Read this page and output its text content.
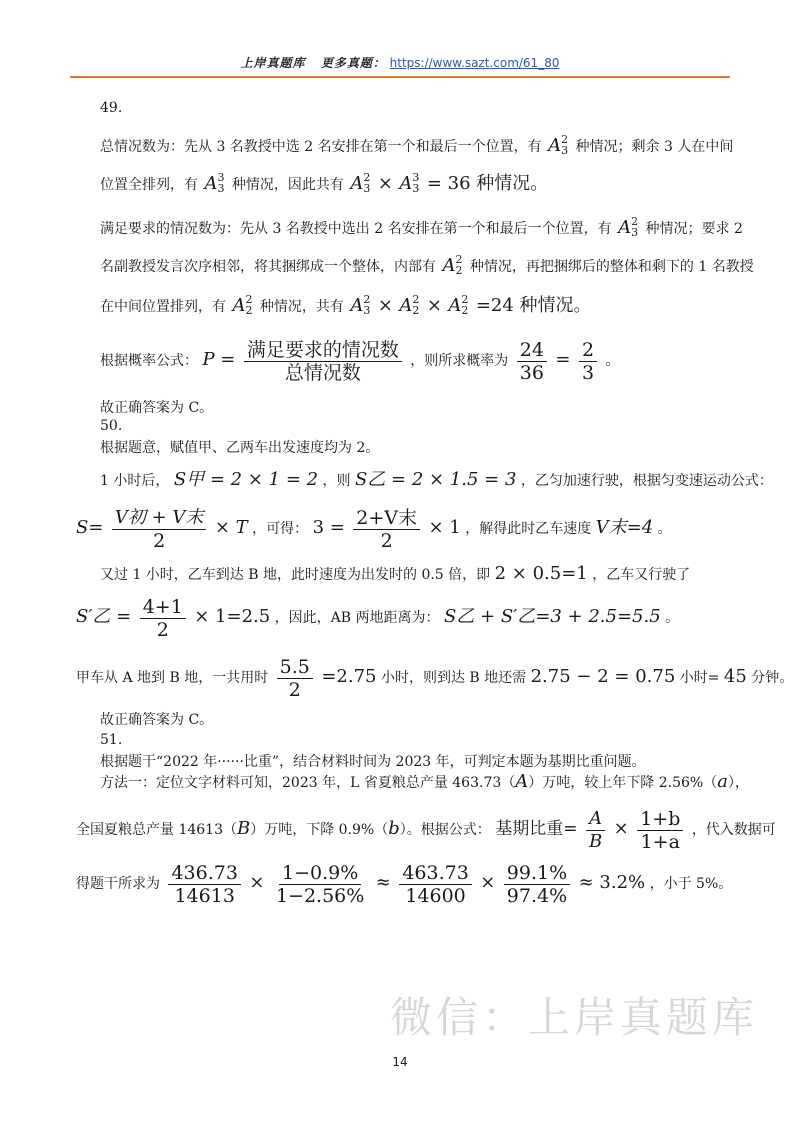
上岸真题库 更多真题： https://www.sazt.com/61_80
49.
总情况数为：先从 3 名教授中选 2 名安排在第一个和最后一个位置，有 A 2
3 种情况；剩余 3 人在中间
位置全排列，有 A 3
3 种情况，因此共有 A 2
3 × A 3
3 = 36 种情况。
满足要求的情况数为：先从 3 名教授中选出 2 名安排在第一个和最后一个位置，有 A 2
3 种情况；要求 2
名副教授发言次序相邻，将其捆绑成一个整体，内部有 A 2
2 种情况，再把捆绑后的整体和剩下的 1 名教授
在中间位置排列，有 A 2
2 种情况，共有 A 2
3 × A 2
2 × A 2
2 =24 种情况。
根据概率公式： $P = \frac{\text{满足要求的情况数}}{\text{总情况数}}$ ，则所求概率为 $\frac{24}{36} = \frac{2}{3}$ 。
故正确答案为 C。
50.
根据题意，赋值甲、乙两车出发速度均为 2。
1 小时后， S甲 = 2 × 1 = 2 ，则 S乙 = 2 × 1.5 = 3 ，乙匀加速行驶，根据匀变速运动公式：
$S= \frac{\text{V初 + V末}}{2} \times T$ ，可得： $3 = \frac{\text{2+V末}}{2} \times 1$ ，解得此时乙车速度 V末=4 。
又过 1 小时，乙车到达 B 地，此时速度为出发时的 0.5 倍，即 2 × 0.5=1 ，乙车又行驶了
S′乙 = $\frac{4+1}{2} \times 1=2.5$ ，因此，AB 两地距离为： S乙 + S′乙=3 + 2.5=5.5 。
甲车从 A 地到 B 地，一共用时 $\frac{5.5}{2} =2.75$ 小时，则到达 B 地还需 2.75 − 2 = 0.75 小时= 45 分钟。
故正确答案为 C。
51.
根据题干“2022 年······比重”，结合材料时间为 2023 年，可判定本题为基期比重问题。
方法一：定位文字材料可知，2023 年，L 省夏粮总产量 463.73（A）万吨，较上年下降 2.56%（a），
全国夏粮总产量 14613（B）万吨，下降 0.9%（b）。根据公式： 基期比重= $\frac{A}{B} \times \frac{1+b}{1+a}$ ，代入数据可
得题干所求为 $\frac{436.73}{14613} \times \frac{1-0.9\%}{1-2.56\%} \approx \frac{463.73}{14600} \times \frac{99.1\%}{97.4\%} \approx 3.2\%$ ，小于 5%。
微信：上岸真题库
14
